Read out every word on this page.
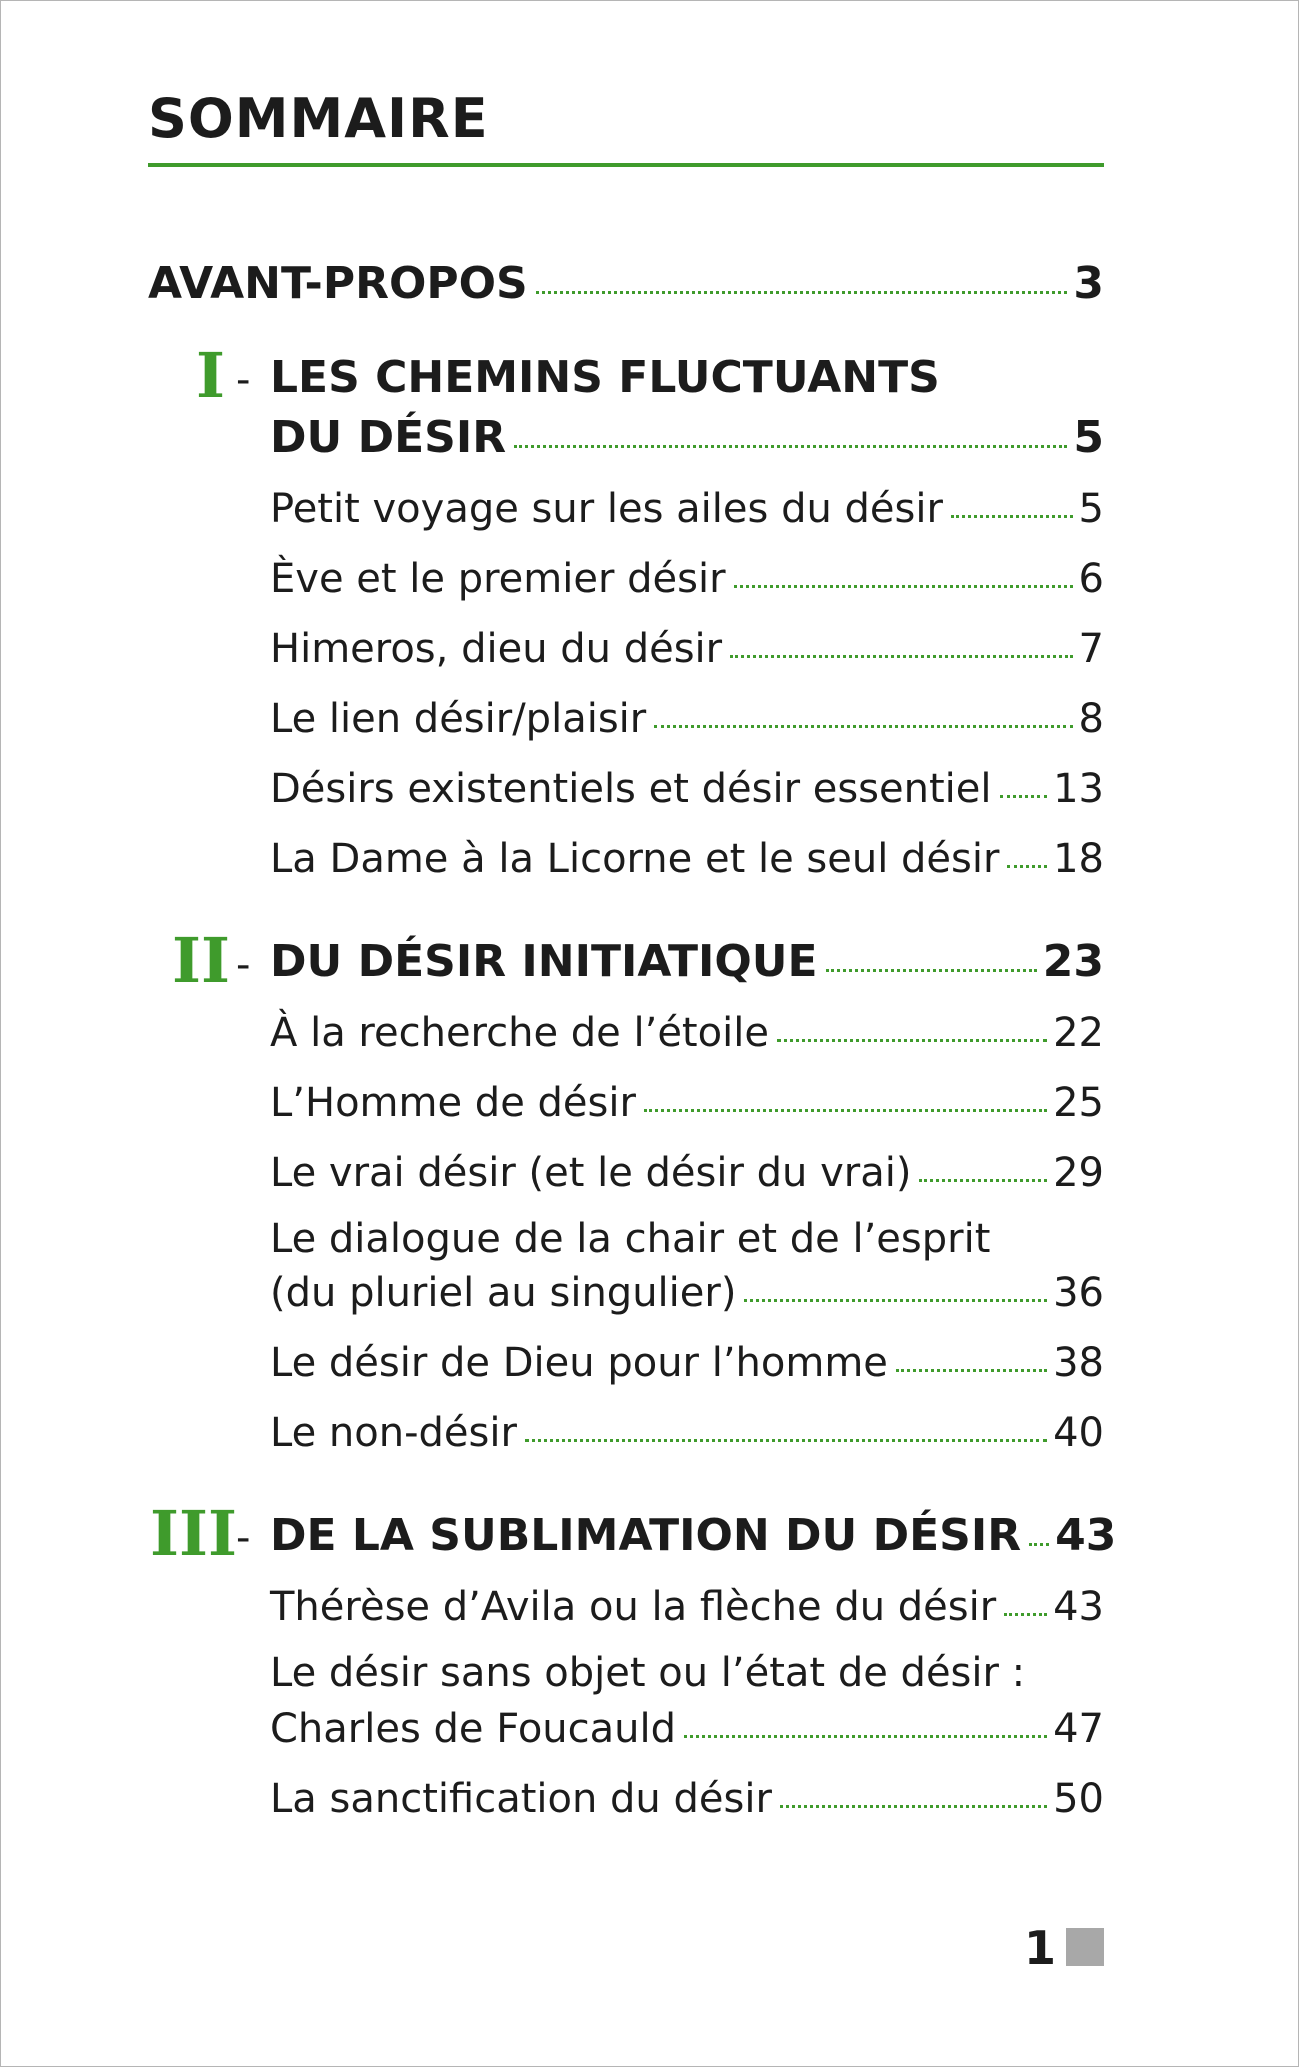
SOMMAIRE
AVANT-PROPOS	3
I - LES CHEMINS FLUCTUANTS
DU DÉSIR	5
Petit voyage sur les ailes du désir	5
Ève et le premier désir	6
Himeros, dieu du désir	7
Le lien désir/plaisir	8
Désirs existentiels et désir essentiel 13
La Dame à la Licorne et le seul désir 18
II - DU DÉSIR INITIATIQUE	23
À la recherche de l’étoile	22
L’Homme de désir	25
Le vrai désir (et le désir du vrai)	29
Le dialogue de la chair et de l’esprit
(du pluriel au singulier)	36
Le désir de Dieu pour l’homme	38
Le non-désir	40
III
- DE LA SUBLIMATION DU DÉSIR 43
Thérèse d’Avila ou la flèche du désir 43
Le désir sans objet ou l’état de désir :
Charles de Foucauld	47
La sanctification du désir	50
1
